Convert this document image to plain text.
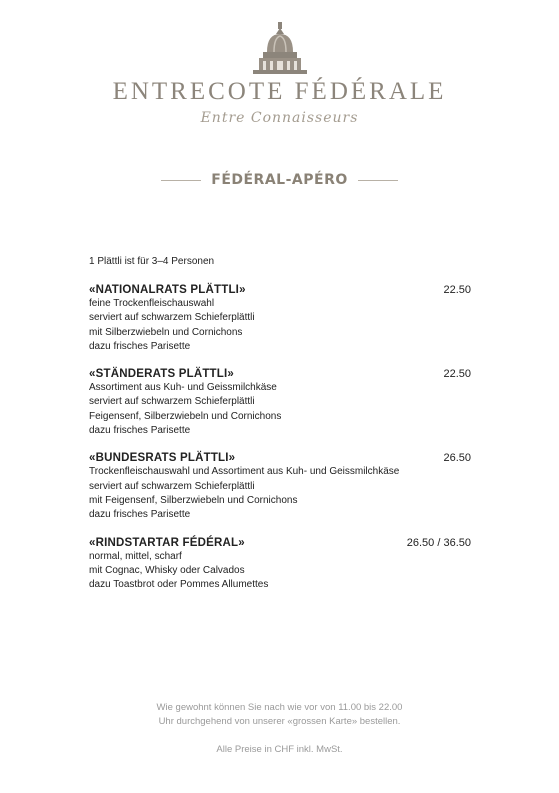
ENTRECOTE FÉDÉRALE
Entre Connaisseurs
FÉDÉRAL-APÉRO
1 Plättli ist für 3–4 Personen
«NATIONALRATS PLÄTTLI»	22.50
feine Trockenfleischauswahl
serviert auf schwarzem Schieferplättli
mit Silberzwiebeln und Cornichons
dazu frisches Parisette
«STÄNDERATS PLÄTTLI»	22.50
Assortiment aus Kuh- und Geissmilchkäse
serviert auf schwarzem Schieferplättli
Feigensenf, Silberzwiebeln und Cornichons
dazu frisches Parisette
«BUNDESRATS PLÄTTLI»	26.50
Trockenfleischauswahl und Assortiment aus Kuh- und Geissmilchkäse
serviert auf schwarzem Schieferplättli
mit Feigensenf, Silberzwiebeln und Cornichons
dazu frisches Parisette
«RINDSTARTAR FÉDÉRAL»	26.50 / 36.50
normal, mittel, scharf
mit Cognac, Whisky oder Calvados
dazu Toastbrot oder Pommes Allumettes
Wie gewohnt können Sie nach wie vor von 11.00 bis 22.00
Uhr durchgehend von unserer «grossen Karte» bestellen.
Alle Preise in CHF inkl. MwSt.
